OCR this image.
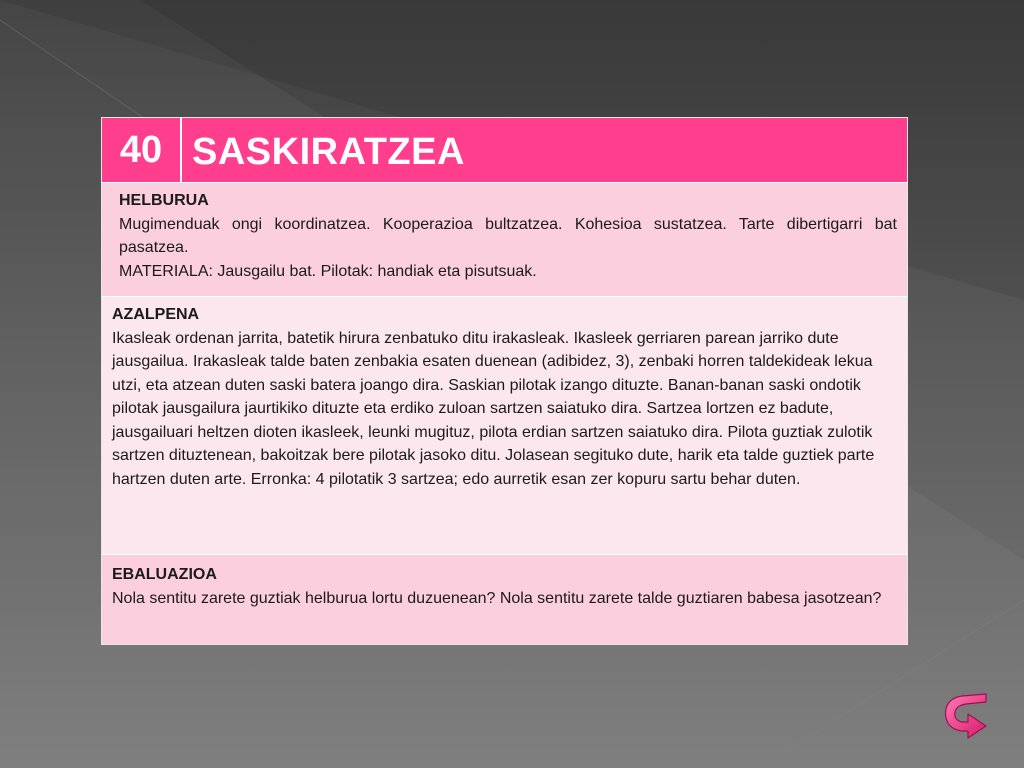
40 SASKIRATZEA
HELBURUA
Mugimenduak ongi koordinatzea. Kooperazioa bultzatzea. Kohesioa sustatzea. Tarte dibertigarri bat pasatzea.
MATERIALA: Jausgailu bat. Pilotak: handiak eta pisutsuak.
AZALPENA
Ikasleak ordenan jarrita, batetik hirura zenbatuko ditu irakasleak. Ikasleek gerriaren parean jarriko dute jausgailua. Irakasleak talde baten zenbakia esaten duenean (adibidez, 3), zenbaki horren taldekideak lekua utzi, eta atzean duten saski batera joango dira. Saskian pilotak izango dituzte. Banan-banan saski ondotik pilotak jausgailura jaurtikiko dituzte eta erdiko zuloan sartzen saiatuko dira. Sartzea lortzen ez badute, jausgailuari heltzen dioten ikasleek, leunki mugituz, pilota erdian sartzen saiatuko dira. Pilota guztiak zulotik sartzen dituztenean, bakoitzak bere pilotak jasoko ditu. Jolasean segituko dute, harik eta talde guztiek parte hartzen duten arte. Erronka: 4 pilotatik 3 sartzea; edo aurretik esan zer kopuru sartu behar duten.
EBALUAZIOA
Nola sentitu zarete guztiak helburua lortu duzuenean? Nola sentitu zarete talde guztiaren babesa jasotzean?
